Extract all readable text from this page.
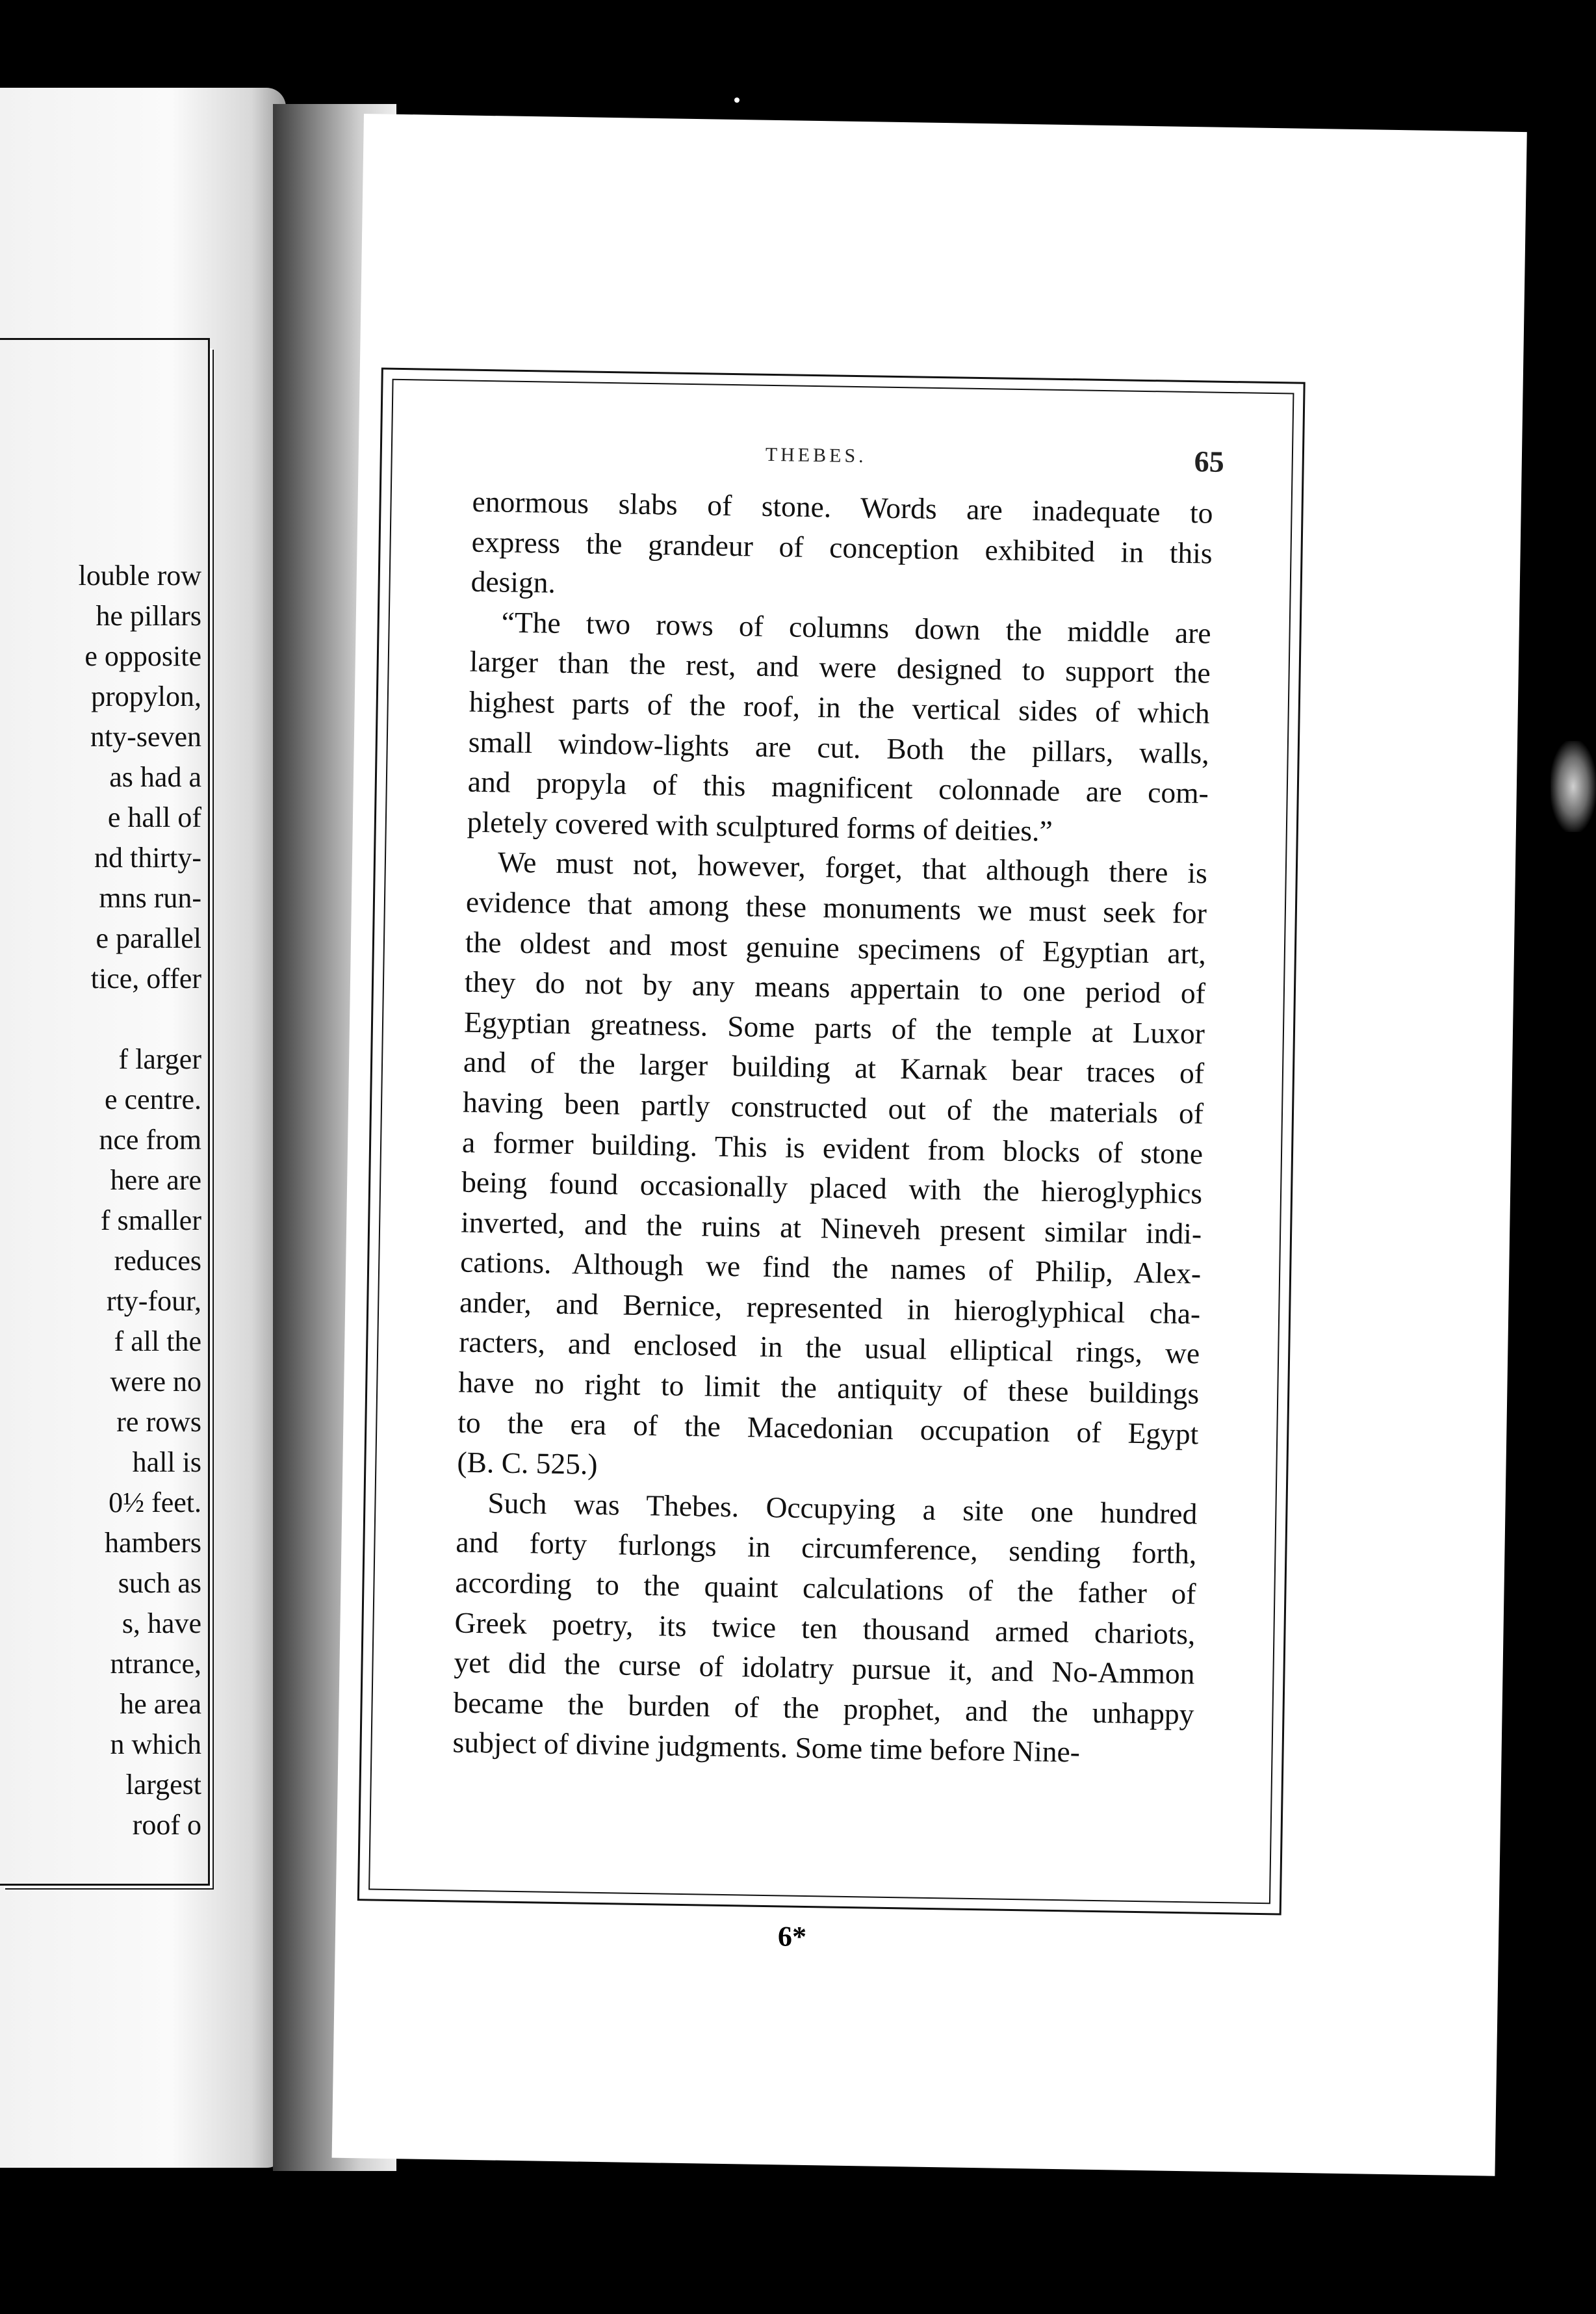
louble row
he pillars
e opposite
propylon,
nty-seven
as had a
e hall of
nd thirty-
mns run-
e parallel
tice, offer
f larger
e centre.
nce from
here are
f smaller
reduces
rty-four,
f all the
were no
re rows
hall is
0½ feet.
hambers
such as
s, have
ntrance,
he area
n which
largest
roof o
THEBES.	65

enormous slabs of stone. Words are inadequate to
express the grandeur of conception exhibited in this
design.

“The two rows of columns down the middle are
larger than the rest, and were designed to support the
highest parts of the roof, in the vertical sides of which
small window-lights are cut. Both the pillars, walls,
and propyla of this magnificent colonnade are com-
pletely covered with sculptured forms of deities.”

We must not, however, forget, that although there is
evidence that among these monuments we must seek for
the oldest and most genuine specimens of Egyptian art,
they do not by any means appertain to one period of
Egyptian greatness. Some parts of the temple at Luxor
and of the larger building at Karnak bear traces of
having been partly constructed out of the materials of
a former building. This is evident from blocks of stone
being found occasionally placed with the hieroglyphics
inverted, and the ruins at Nineveh present similar indi-
cations. Although we find the names of Philip, Alex-
ander, and Bernice, represented in hieroglyphical cha-
racters, and enclosed in the usual elliptical rings, we
have no right to limit the antiquity of these buildings
to the era of the Macedonian occupation of Egypt
(B. C. 525.)

Such was Thebes. Occupying a site one hundred
and forty furlongs in circumference, sending forth,
according to the quaint calculations of the father of
Greek poetry, its twice ten thousand armed chariots,
yet did the curse of idolatry pursue it, and No-Ammon
became the burden of the prophet, and the unhappy
subject of divine judgments. Some time before Nine-

6*
